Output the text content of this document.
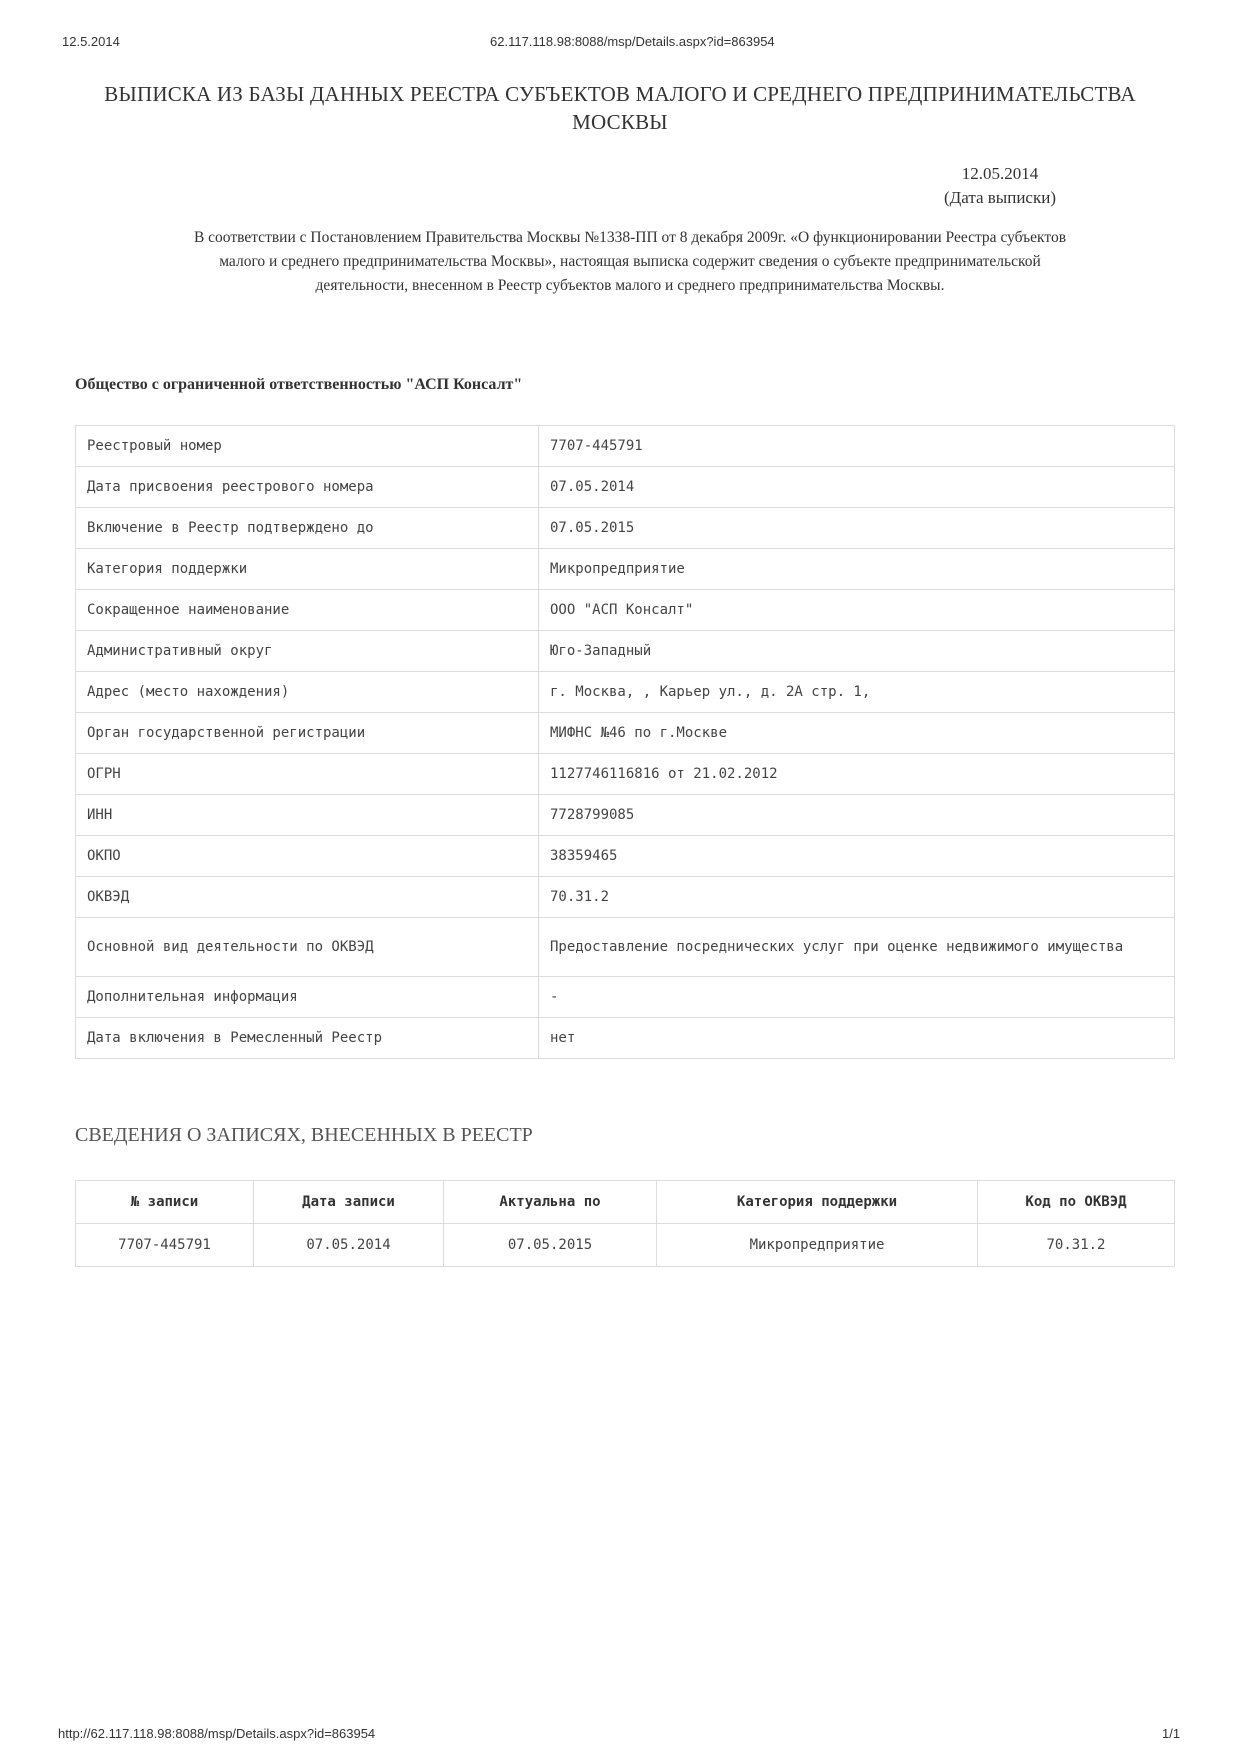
12.5.2014	62.117.118.98:8088/msp/Details.aspx?id=863954
ВЫПИСКА ИЗ БАЗЫ ДАННЫХ РЕЕСТРА СУБЪЕКТОВ МАЛОГО И СРЕДНЕГО ПРЕДПРИНИМАТЕЛЬСТВА
МОСКВЫ
12.05.2014
(Дата выписки)
В соответствии с Постановлением Правительства Москвы №1338-ПП от 8 декабря 2009г. «О функционировании Реестра субъектов
малого и среднего предпринимательства Москвы», настоящая выписка содержит сведения о субъекте предпринимательской
деятельности, внесенном в Реестр субъектов малого и среднего предпринимательства Москвы.
Общество с ограниченной ответственностью "АСП Консалт"
Реестровый номер	7707-445791
Дата присвоения реестрового номера	07.05.2014
Включение в Реестр подтверждено до	07.05.2015
Категория поддержки	Микропредприятие
Сокращенное наименование	ООО "АСП Консалт"
Административный округ	Юго-Западный
Адрес (место нахождения)	г. Москва, , Карьер ул., д. 2А стр. 1,
Орган государственной регистрации	МИФНС №46 по г.Москве
ОГРН	1127746116816 от 21.02.2012
ИНН	7728799085
ОКПО	38359465
ОКВЭД	70.31.2
Основной вид деятельности по ОКВЭД	Предоставление посреднических услуг при оценке недвижимого имущества
Дополнительная информация	-
Дата включения в Ремесленный Реестр	нет
СВЕДЕНИЯ О ЗАПИСЯХ, ВНЕСЕННЫХ В РЕЕСТР
№ записи	Дата записи	Актуальна по	Категория поддержки	Код по ОКВЭД
7707-445791	07.05.2014	07.05.2015	Микропредприятие	70.31.2
http://62.117.118.98:8088/msp/Details.aspx?id=863954	1/1
